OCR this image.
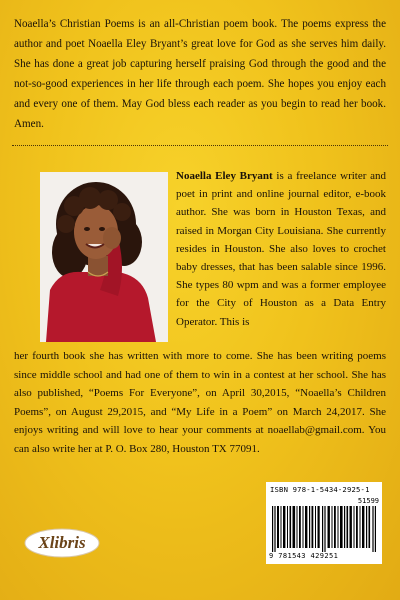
Noaella’s Christian Poems is an all-Christian poem book. The poems express the author and poet Noaella Eley Bryant’s great love for God as she serves him daily. She has done a great job capturing herself praising God through the good and the not-so-good experiences in her life through each poem. She hopes you enjoy each and every one of them. May God bless each reader as you begin to read her book. Amen.
Noaella Eley Bryant is a freelance writer and poet in print and online journal editor, e-book author. She was born in Houston Texas, and raised in Morgan City Louisiana. She currently resides in Houston. She also loves to crochet baby dresses, that has been salable since 1996. She types 80 wpm and was a former employee for the City of Houston as a Data Entry Operator. This is
her fourth book she has written with more to come. She has been writing poems since middle school and had one of them to win in a contest at her school. She has also published, “Poems For Everyone”, on April 30,2015, “Noaella’s Children Poems”, on August 29,2015, and “My Life in a Poem” on March 24,2017. She enjoys writing and will love to hear your comments at noaellab@gmail.com. You can also write her at P. O. Box 280, Houston TX 77091.
Xlibris
ISBN 978-1-5434-2925-1
51599
9 781543 429251
